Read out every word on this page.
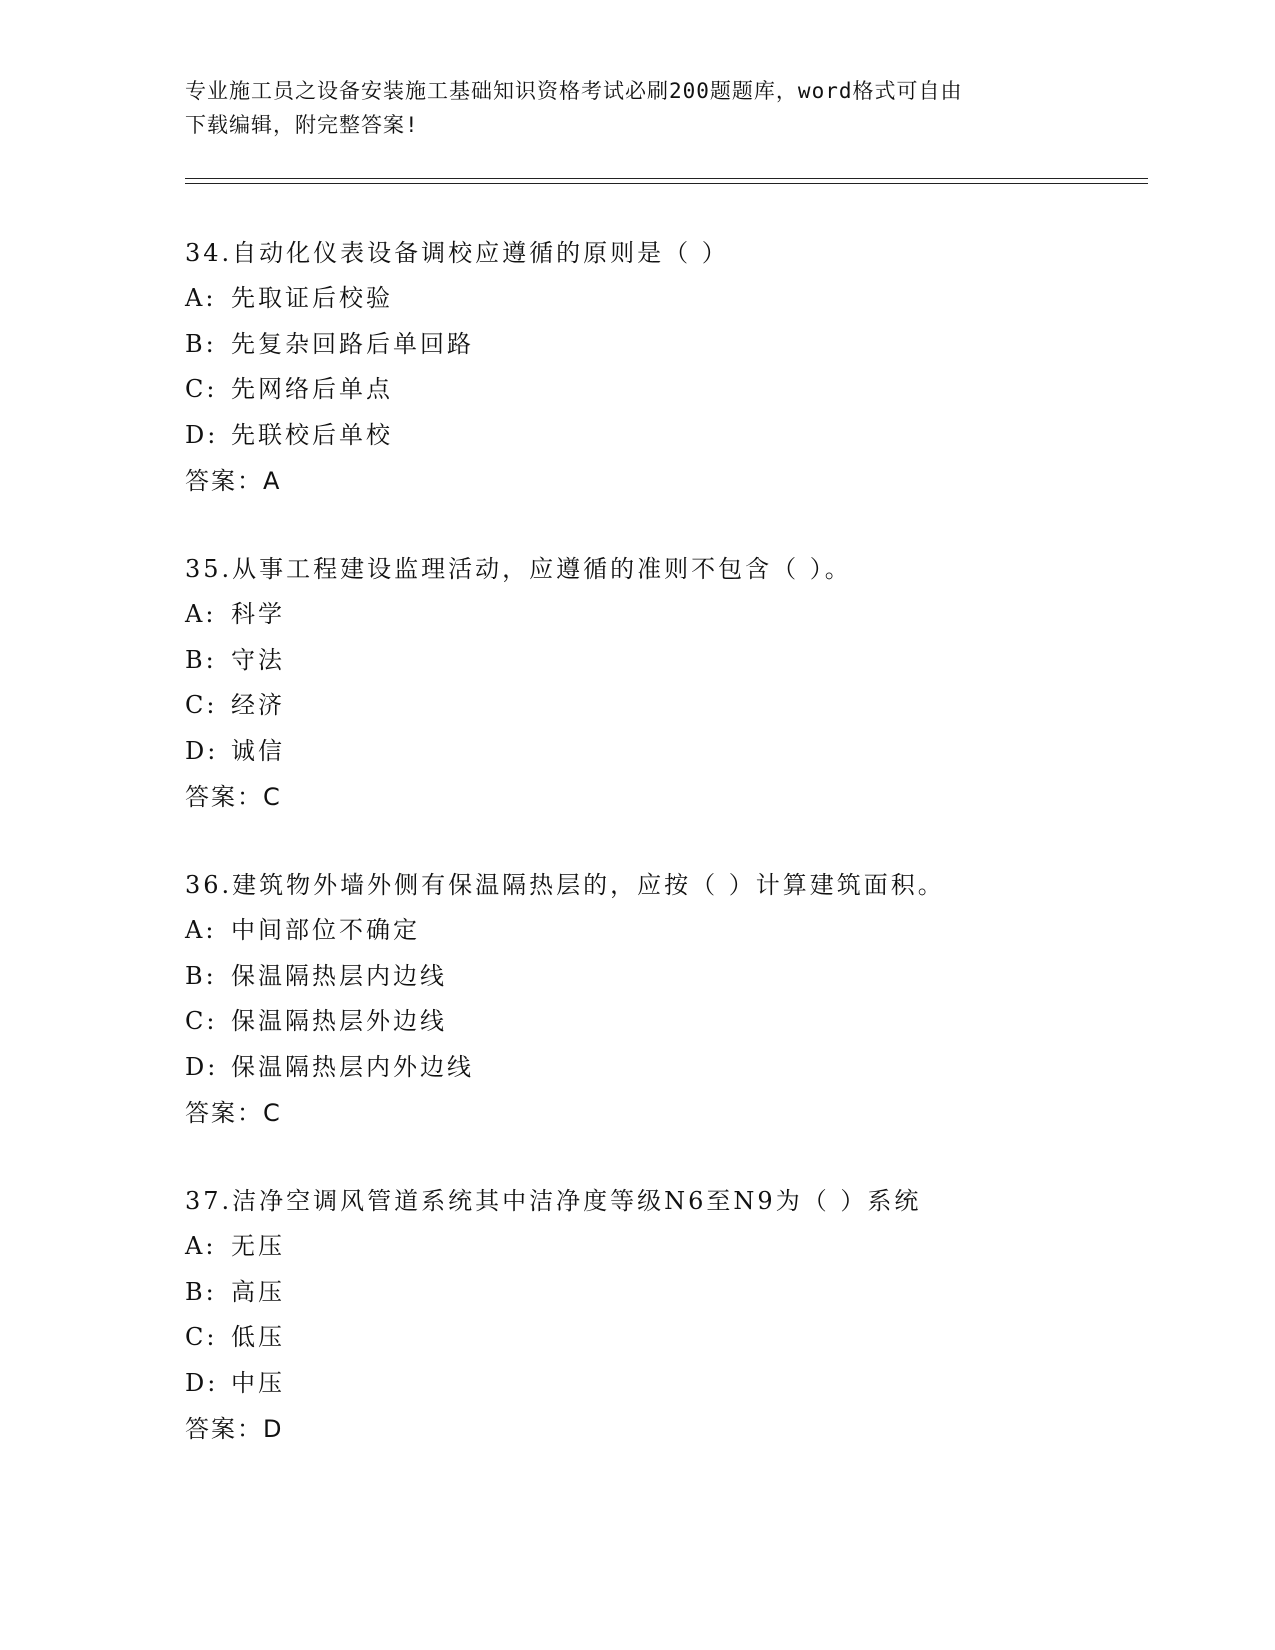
专业施工员之设备安装施工基础知识资格考试必刷200题题库，word格式可自由
下载编辑，附完整答案!
34.自动化仪表设备调校应遵循的原则是（ ）
A: 先取证后校验
B: 先复杂回路后单回路
C: 先网络后单点
D: 先联校后单校
答案：A
35.从事工程建设监理活动，应遵循的准则不包含（ ）。
A: 科学
B: 守法
C: 经济
D: 诚信
答案：C
36.建筑物外墙外侧有保温隔热层的，应按（ ）计算建筑面积。
A: 中间部位不确定
B: 保温隔热层内边线
C: 保温隔热层外边线
D: 保温隔热层内外边线
答案：C
37.洁净空调风管道系统其中洁净度等级N6至N9为（ ）系统
A: 无压
B: 高压
C: 低压
D: 中压
答案：D
